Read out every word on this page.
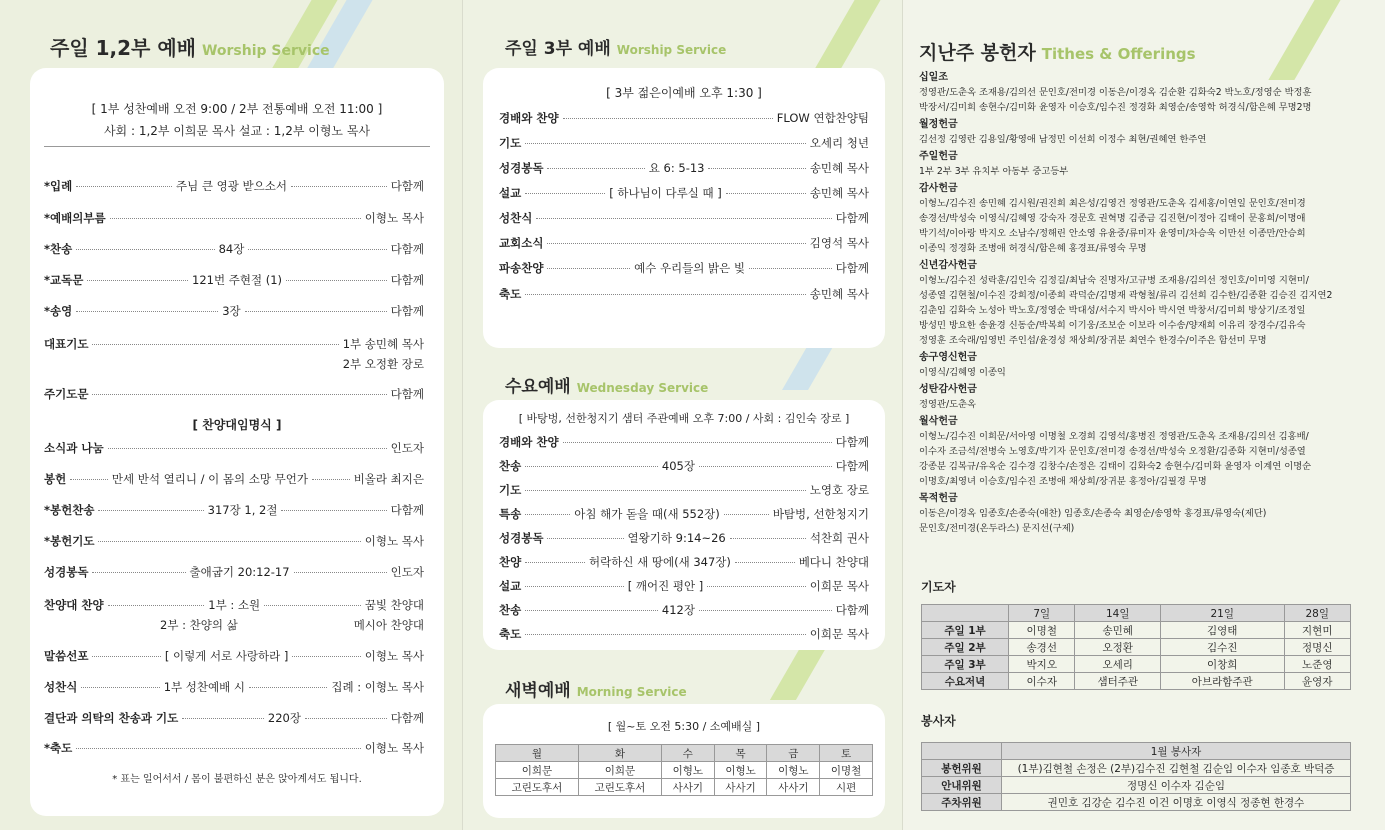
주일 1,2부 예배 Worship Service
[ 1부 성찬예배 오전 9:00 / 2부 전통예배 오전 11:00 ]
사회 : 1,2부 이희문 목사 설교 : 1,2부 이형노 목사
*입례	주님 큰 영광 받으소서	다함께
*예배의부름	이형노 목사
*찬송	84장	다함께
*교독문	121번 주현절 (1)	다함께
*송영	3장	다함께
대표기도	1부 송민혜 목사
2부 오정환 장로
주기도문	다함께
소식과 나눔	인도자
봉헌	만세 반석 열리니 / 이 몸의 소망 무언가	비올라 최지은
*봉헌찬송	317장 1, 2절	다함께
*봉헌기도	이형노 목사
성경봉독	출애굽기 20:12-17	인도자
찬양대 찬양	1부 : 소원	꿈빛 찬양대
2부 : 찬양의 삶	메시아 찬양대
말씀선포	[ 이렇게 서로 사랑하라 ]	이형노 목사
성찬식	1부 성찬예배 시	집례 : 이형노 목사
결단과 의탁의 찬송과 기도	220장	다함께
*축도	이형노 목사
[ 찬양대임명식 ]
* 표는 일어서서 / 몸이 불편하신 분은 앉아계셔도 됩니다.
주일 3부 예배 Worship Service
[ 3부 젊은이예배 오후 1:30 ]
경배와 찬양	FLOW 연합찬양팀
기도	오세리 청년
성경봉독	요 6: 5-13	송민혜 목사
설교	[ 하나님이 다루실 때 ]	송민혜 목사
성찬식	다함께
교회소식	김영석 목사
파송찬양	예수 우리들의 밝은 빛	다함께
축도	송민혜 목사
수요예배 Wednesday Service
[ 바탕벙, 선한청지기 샘터 주관예배 오후 7:00 / 사회 : 김인숙 장로 ]
경배와 찬양	다함께
찬송	405장	다함께
기도	노영호 장로
특송	아침 해가 돋을 때(새 552장)	바탐벙, 선한청지기
성경봉독	열왕기하 9:14~26	석찬희 권사
찬양	허락하신 새 땅에(새 347장)	베다니 찬양대
설교	[ 깨어진 평안 ]	이희문 목사
찬송	412장	다함께
축도	이희문 목사
새벽예배 Morning Service
[ 월~토 오전 5:30 / 소예배실 ]
월	화	수	목	금	토
이희문	이희문	이형노	이형노	이형노	이명철
고린도후서	고린도후서	사사기	사사기	사사기	시편
지난주 봉헌자 Tithes & Offerings
십일조
정영관/도춘옥 조재용/김의선 문인호/전미경 이동은/이경옥 김순환 김화숙2 박노호/정영순 박정훈
박장서/김미희 송현수/김미화 윤영자 이승호/임수진 정경화 최영순/송영학 허경식/함은혜 무명2명
월정헌금
김선정 김영란 김용일/황영애 남정민 이선희 이정수 최현/권혜연 한주연
주일헌금
1부 2부 3부 유치부 아동부 중고등부
감사헌금
이형노/김수진 송민혜 김시원/권진희 최은성/김영건 정영관/도춘옥 김세홍/이연일 문인호/전미경
송경선/박성숙 이영식/김혜영 강숙자 경문호 권혁명 김종금 김진현/이정아 김태이 문홍희/이명애
박기석/이아랑 박지오 소남수/정해린 안소영 유윤중/류미자 윤영미/차승욱 이만선 이종만/안승희
이종익 정경화 조병애 허경식/함은혜 홍경표/류영숙 무명
신년감사헌금
이형노/김수진 성락훈/김인숙 김정길/최남숙 진명자/고규병 조재용/김의선 정인호/이미영 지현미/
성종열 김현철/이수진 강희정/이종희 곽덕순/김명재 곽형철/류리 김선희 김수한/김종환 김승진 김지연2
김춘임 김화숙 노성아 박노호/정영순 박대성/서수지 박시아 박시연 박창서/김미희 방상기/조정일
방성민 방요한 송윤경 신동순/박복희 이기웅/조보순 이보라 이수송/양재희 이유리 장경수/김유숙
정영훈 조숙래/임영빈 주인섭/윤경성 채상희/장귀분 최연수 한경수/이주은 함선미 무명
송구영신헌금
이영식/김혜영 이종익
성탄감사헌금
정영관/도춘옥
월삭헌금
이형노/김수진 이희문/서아영 이명철 오경희 김영석/홍병진 정영관/도춘옥 조재용/김의선 김홍배/
이수자 조금석/전병숙 노영호/박기자 문인호/전미경 송경선/박성숙 오정환/김종화 지현미/성종열
강종분 김복규/유옥순 김수경 김창수/손정은 김태이 김화숙2 송현수/김미화 윤영자 이계연 이명순
이명호/최영녀 이승호/임수진 조병애 채상희/장귀분 홍정아/김필경 무명
목적헌금
이동은/이경옥 임종호/손종숙(애찬) 임종호/손종숙 최영순/송영학 홍경표/류영숙(제단)
문인호/전미경(온두라스) 문지선(구제)
기도자
	7일	14일	21일	28일
주일 1부	이명철	송민혜	김영태	지현미
주일 2부	송경선	오정환	김수진	정명신
주일 3부	박지오	오세리	이창희	노준영
수요저녁	이수자	샘터주관	아브라함주관	윤영자
봉사자
	1월 봉사자
봉헌위원	(1부)김현철 손정은 (2부)김수진 김현철 김순임 이수자 임종호 박덕증
안내위원	정명신 이수자 김순임
주차위원	권민호 김강순 김수진 이건 이명호 이영식 정종현 한경수
